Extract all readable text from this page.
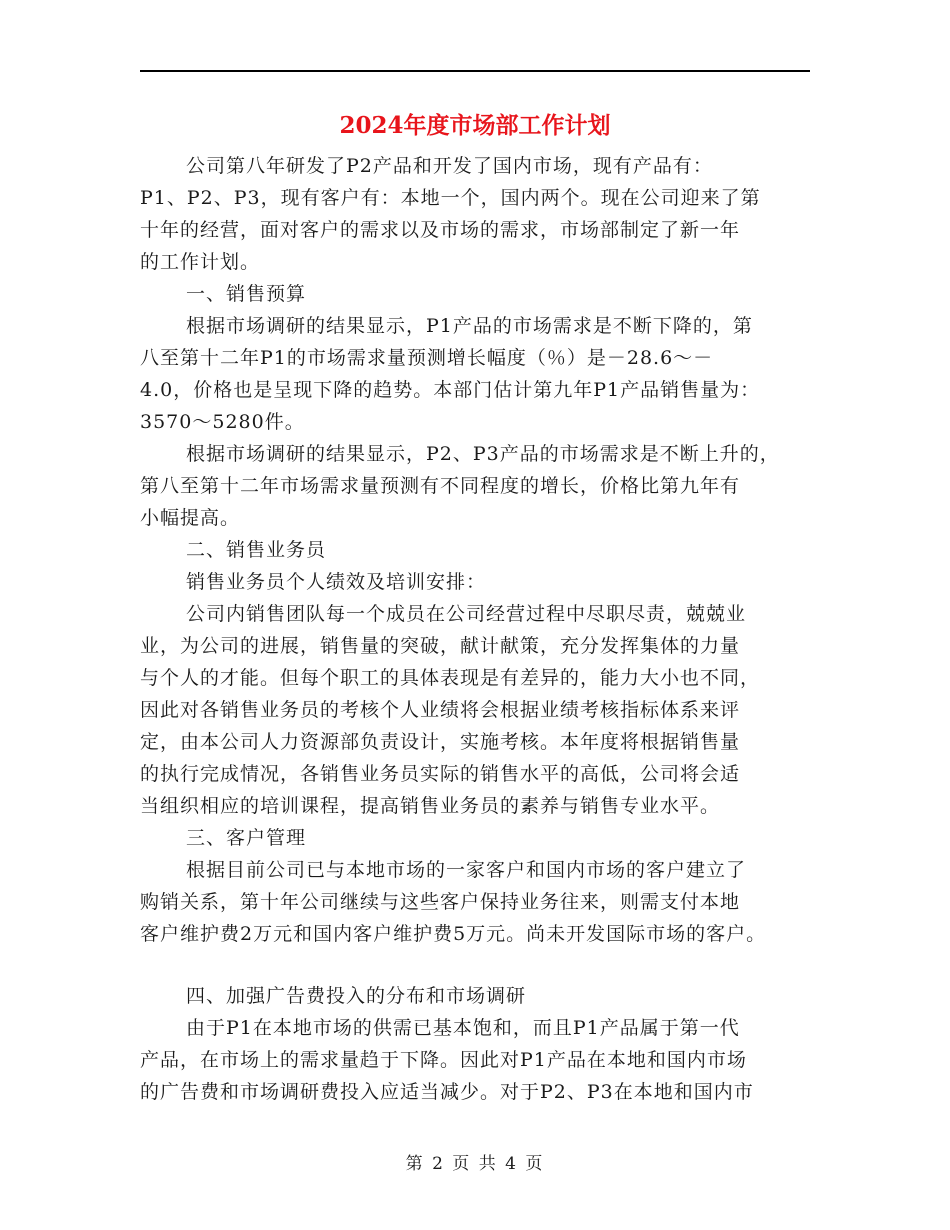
2024年度市场部工作计划
公司第八年研发了P2产品和开发了国内市场，现有产品有：
P1、P2、P3，现有客户有：本地一个，国内两个。现在公司迎来了第
十年的经营，面对客户的需求以及市场的需求，市场部制定了新一年
的工作计划。
一、销售预算
根据市场调研的结果显示，P1产品的市场需求是不断下降的，第
八至第十二年P1的市场需求量预测增长幅度（％）是－28.6～－
4.0，价格也是呈现下降的趋势。本部门估计第九年P1产品销售量为：
3570～5280件。
根据市场调研的结果显示，P2、P3产品的市场需求是不断上升的，
第八至第十二年市场需求量预测有不同程度的增长，价格比第九年有
小幅提高。
二、销售业务员
销售业务员个人绩效及培训安排：
公司内销售团队每一个成员在公司经营过程中尽职尽责，兢兢业
业，为公司的进展，销售量的突破，献计献策，充分发挥集体的力量
与个人的才能。但每个职工的具体表现是有差异的，能力大小也不同，
因此对各销售业务员的考核个人业绩将会根据业绩考核指标体系来评
定，由本公司人力资源部负责设计，实施考核。本年度将根据销售量
的执行完成情况，各销售业务员实际的销售水平的高低，公司将会适
当组织相应的培训课程，提高销售业务员的素养与销售专业水平。
三、客户管理
根据目前公司已与本地市场的一家客户和国内市场的客户建立了
购销关系，第十年公司继续与这些客户保持业务往来，则需支付本地
客户维护费2万元和国内客户维护费5万元。尚未开发国际市场的客户。
四、加强广告费投入的分布和市场调研
由于P1在本地市场的供需已基本饱和，而且P1产品属于第一代
产品，在市场上的需求量趋于下降。因此对P1产品在本地和国内市场
的广告费和市场调研费投入应适当减少。对于P2、P3在本地和国内市
第 2 页 共 4 页
